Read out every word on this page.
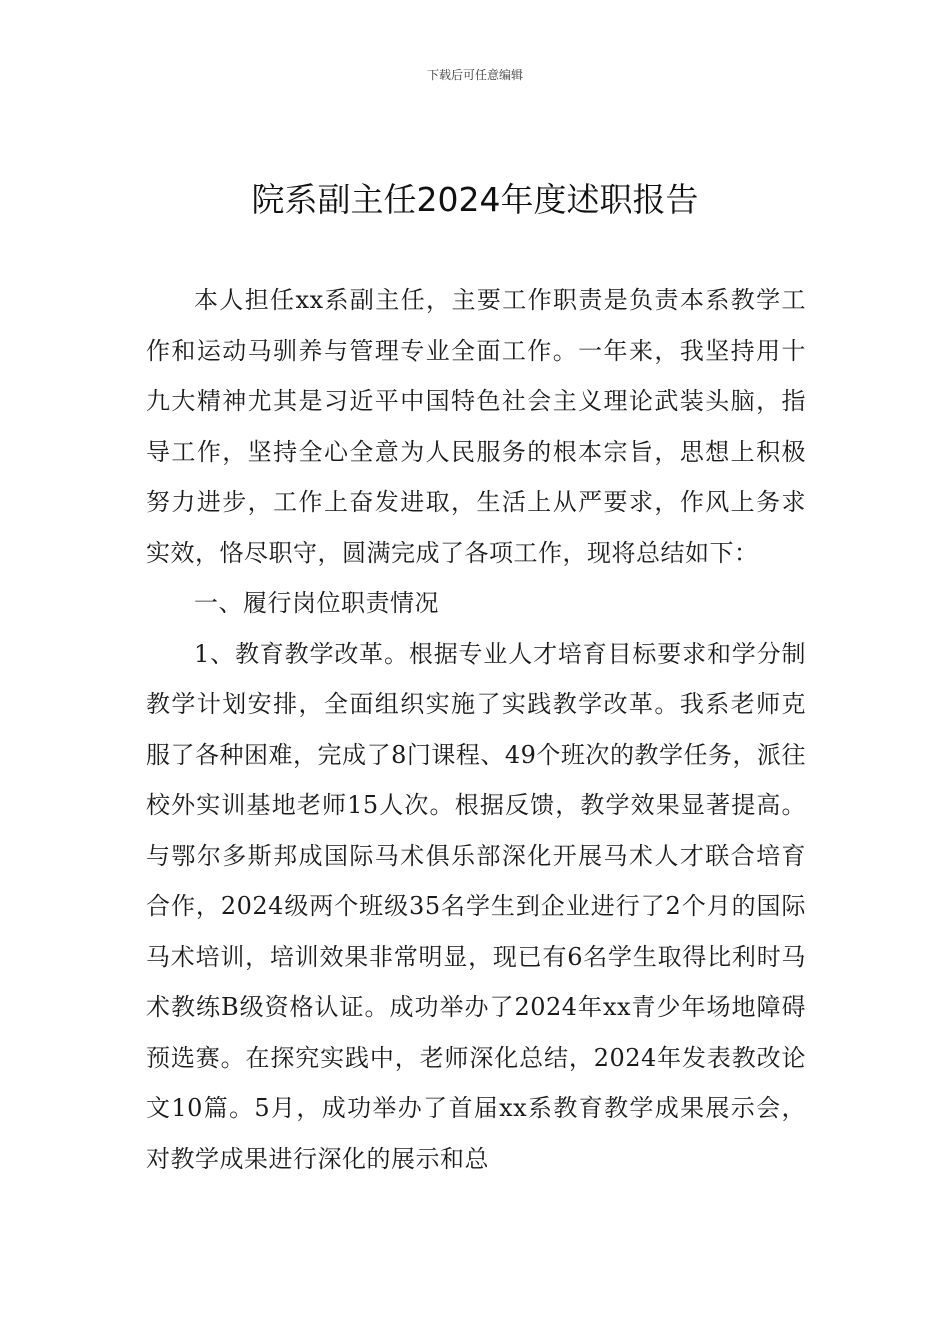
下载后可任意编辑
院系副主任2024年度述职报告

本人担任xx系副主任，主要工作职责是负责本系教学工作和运动马驯养与管理专业全面工作。一年来，我坚持用十九大精神尤其是习近平中国特色社会主义理论武装头脑，指导工作，坚持全心全意为人民服务的根本宗旨，思想上积极努力进步，工作上奋发进取，生活上从严要求，作风上务求实效，恪尽职守，圆满完成了各项工作，现将总结如下：

一、履行岗位职责情况

1、教育教学改革。根据专业人才培育目标要求和学分制教学计划安排，全面组织实施了实践教学改革。我系老师克服了各种困难，完成了8门课程、49个班次的教学任务，派往校外实训基地老师15人次。根据反馈，教学效果显著提高。与鄂尔多斯邦成国际马术俱乐部深化开展马术人才联合培育合作，2024级两个班级35名学生到企业进行了2个月的国际马术培训，培训效果非常明显，现已有6名学生取得比利时马术教练B级资格认证。成功举办了2024年xx青少年场地障碍预选赛。在探究实践中，老师深化总结，2024年发表教改论文10篇。5月，成功举办了首届xx系教育教学成果展示会，对教学成果进行深化的展示和总
